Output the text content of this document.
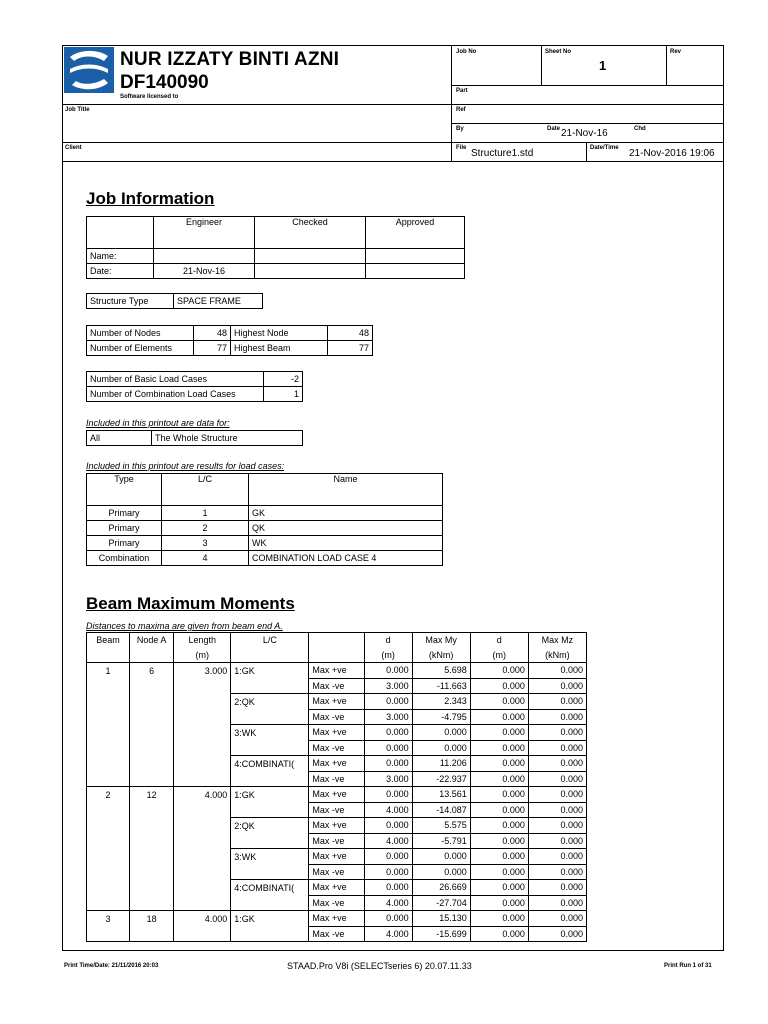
NUR IZZATY BINTI AZNI
DF140090
Software licensed to
Job No	Sheet No
1
Rev
Part
Ref
By	Date 21-Nov-16	Chd
Job Title
Client	File Structure1.std	Date/Time 21-Nov-2016 19:06
Job Information
	Engineer	Checked	Approved
Name:			
Date:	21-Nov-16		
Structure Type	SPACE FRAME
Number of Nodes	48	Highest Node	48
Number of Elements	77	Highest Beam	77
Number of Basic Load Cases	-2
Number of Combination Load Cases	1
Included in this printout are data for:
All	The Whole Structure
Included in this printout are results for load cases:
Type	L/C	Name
Primary	1	GK
Primary	2	QK
Primary	3	WK
Combination	4	COMBINATION LOAD CASE 4
Beam Maximum Moments
Distances to maxima are given from beam end A.
Beam	Node A	Length	L/C		d	Max My	d	Max Mz
		(m)			(m)	(kNm)	(m)	(kNm)
1	6	3.000	1:GK	Max +ve	0.000	5.698	0.000	0.000
				Max -ve	3.000	-11.663	0.000	0.000
			2:QK	Max +ve	0.000	2.343	0.000	0.000
				Max -ve	3.000	-4.795	0.000	0.000
			3:WK	Max +ve	0.000	0.000	0.000	0.000
				Max -ve	0.000	0.000	0.000	0.000
			4:COMBINATI(	Max +ve	0.000	11.206	0.000	0.000
				Max -ve	3.000	-22.937	0.000	0.000
2	12	4.000	1:GK	Max +ve	0.000	13.561	0.000	0.000
				Max -ve	4.000	-14.087	0.000	0.000
			2:QK	Max +ve	0.000	5.575	0.000	0.000
				Max -ve	4.000	-5.791	0.000	0.000
			3:WK	Max +ve	0.000	0.000	0.000	0.000
				Max -ve	0.000	0.000	0.000	0.000
			4:COMBINATI(	Max +ve	0.000	26.669	0.000	0.000
				Max -ve	4.000	-27.704	0.000	0.000
3	18	4.000	1:GK	Max +ve	0.000	15.130	0.000	0.000
				Max -ve	4.000	-15.699	0.000	0.000
Print Time/Date: 21/11/2016 20:03	STAAD.Pro V8i (SELECTseries 6) 20.07.11.33	Print Run 1 of 31
